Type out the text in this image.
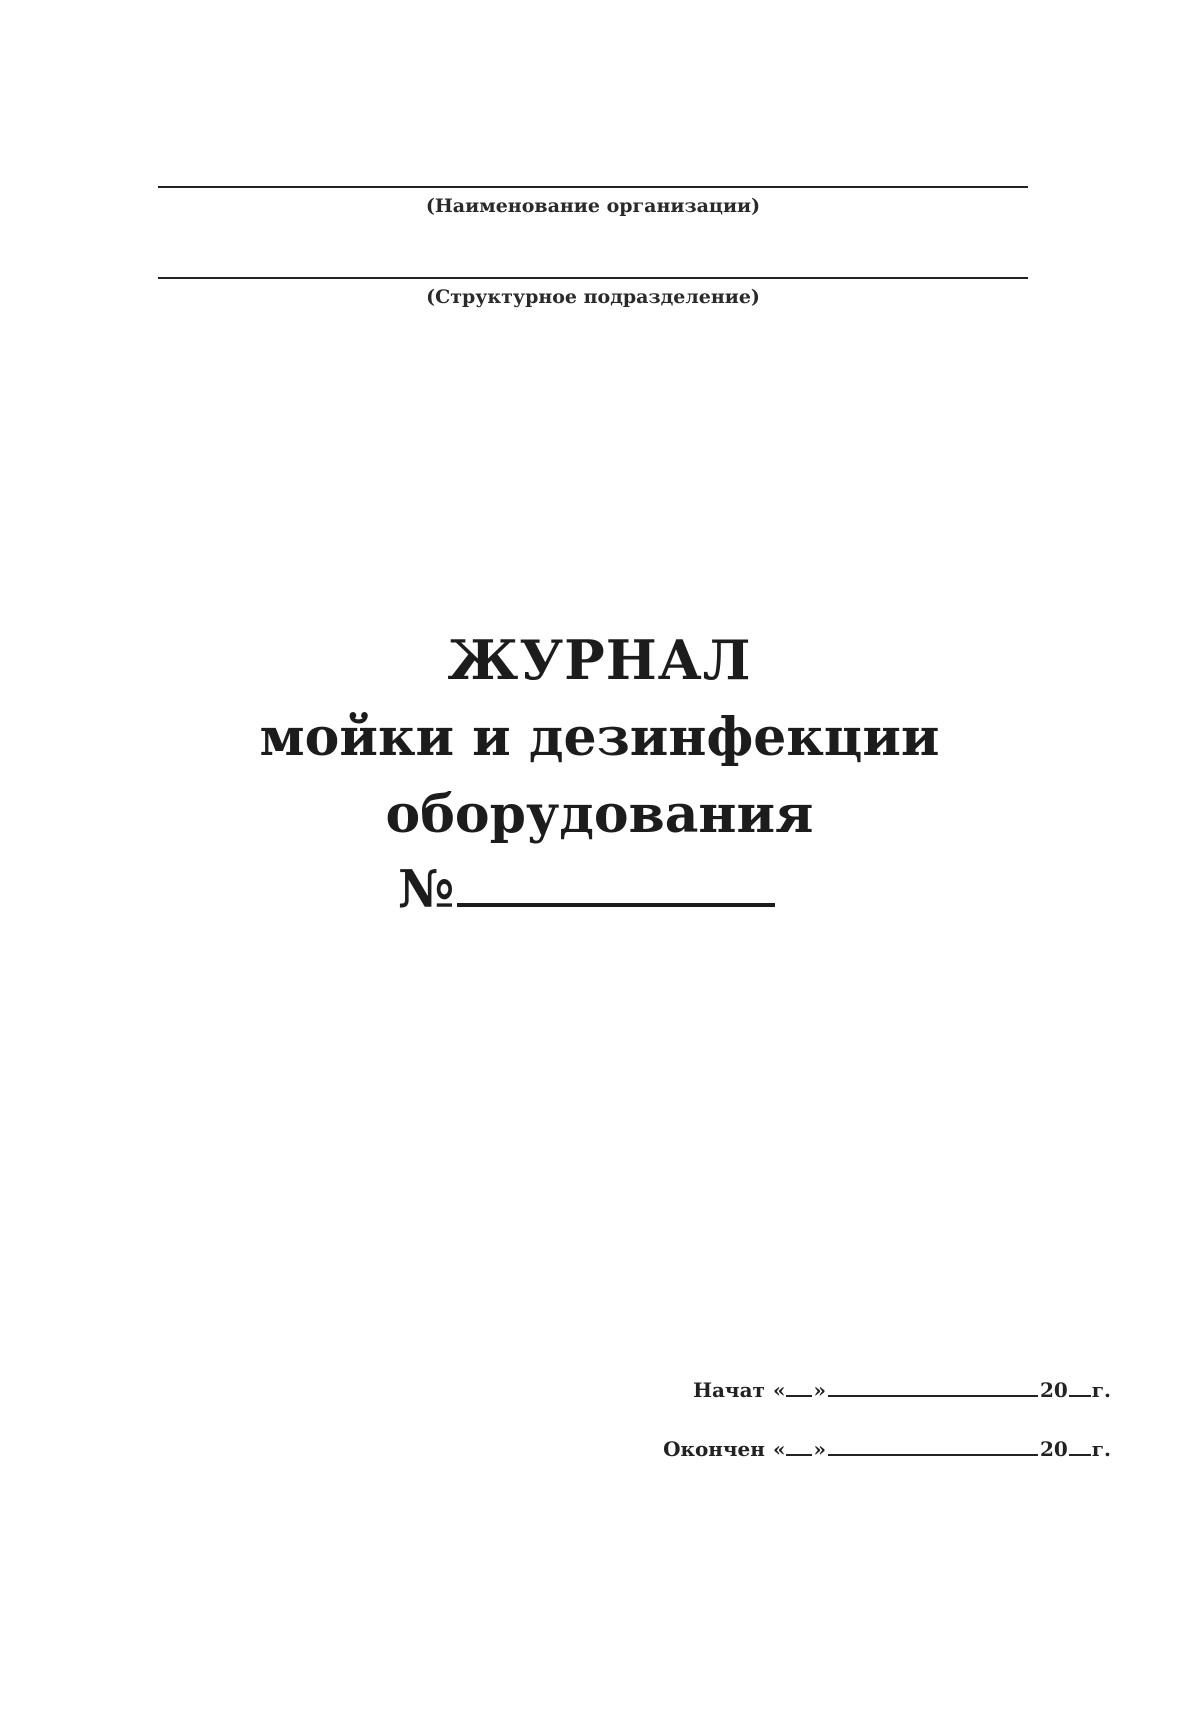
(Наименование организации)
(Структурное подразделение)
ЖУРНАЛ
мойки и дезинфекции
оборудования
№
Начат « »	20 г.
Окончен « »	20 г.
